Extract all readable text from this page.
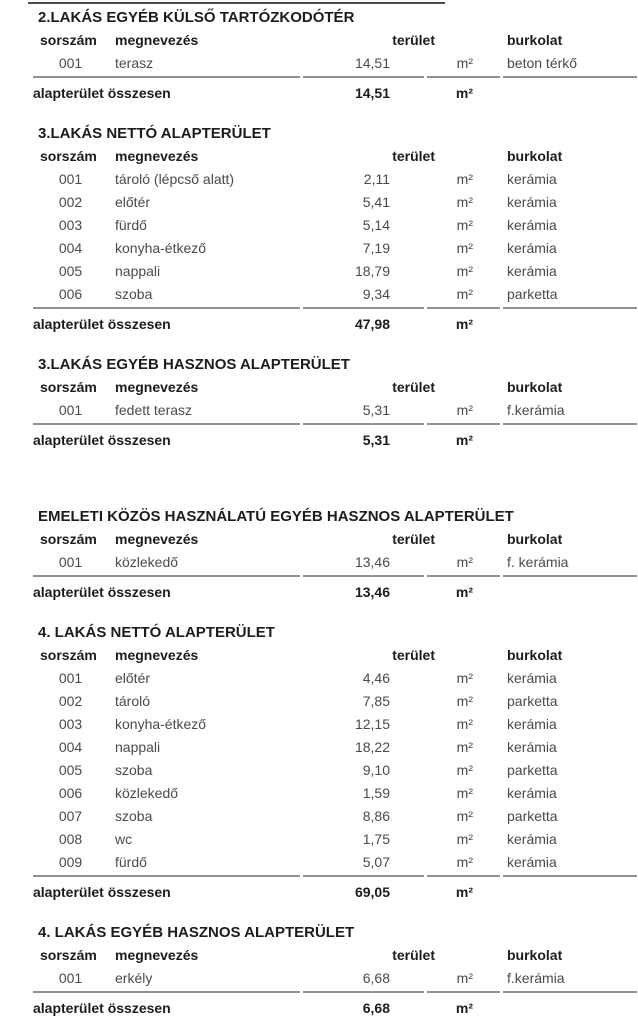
2.LAKÁS EGYÉB KÜLSŐ TARTÓZKODÓTÉR
sorszám	megnevezés	terület	burkolat
001	terasz	14,51	m²	beton térkő
alapterület összesen	14,51	m²
3.LAKÁS NETTÓ ALAPTERÜLET
sorszám	megnevezés	terület	burkolat
001	tároló (lépcső alatt)	2,11	m²	kerámia
002	előtér	5,41	m²	kerámia
003	fürdő	5,14	m²	kerámia
004	konyha-étkező	7,19	m²	kerámia
005	nappali	18,79	m²	kerámia
006	szoba	9,34	m²	parketta
alapterület összesen	47,98	m²
3.LAKÁS EGYÉB HASZNOS ALAPTERÜLET
sorszám	megnevezés	terület	burkolat
001	fedett terasz	5,31	m²	f.kerámia
alapterület összesen	5,31	m²
EMELETI KÖZÖS HASZNÁLATÚ EGYÉB HASZNOS ALAPTERÜLET
sorszám	megnevezés	terület	burkolat
001	közlekedő	13,46	m²	f. kerámia
alapterület összesen	13,46	m²
4. LAKÁS NETTÓ ALAPTERÜLET
sorszám	megnevezés	terület	burkolat
001	előtér	4,46	m²	kerámia
002	tároló	7,85	m²	parketta
003	konyha-étkező	12,15	m²	kerámia
004	nappali	18,22	m²	kerámia
005	szoba	9,10	m²	parketta
006	közlekedő	1,59	m²	kerámia
007	szoba	8,86	m²	parketta
008	wc	1,75	m²	kerámia
009	fürdő	5,07	m²	kerámia
alapterület összesen	69,05	m²
4. LAKÁS EGYÉB HASZNOS ALAPTERÜLET
sorszám	megnevezés	terület	burkolat
001	erkély	6,68	m²	f.kerámia
alapterület összesen	6,68	m²
